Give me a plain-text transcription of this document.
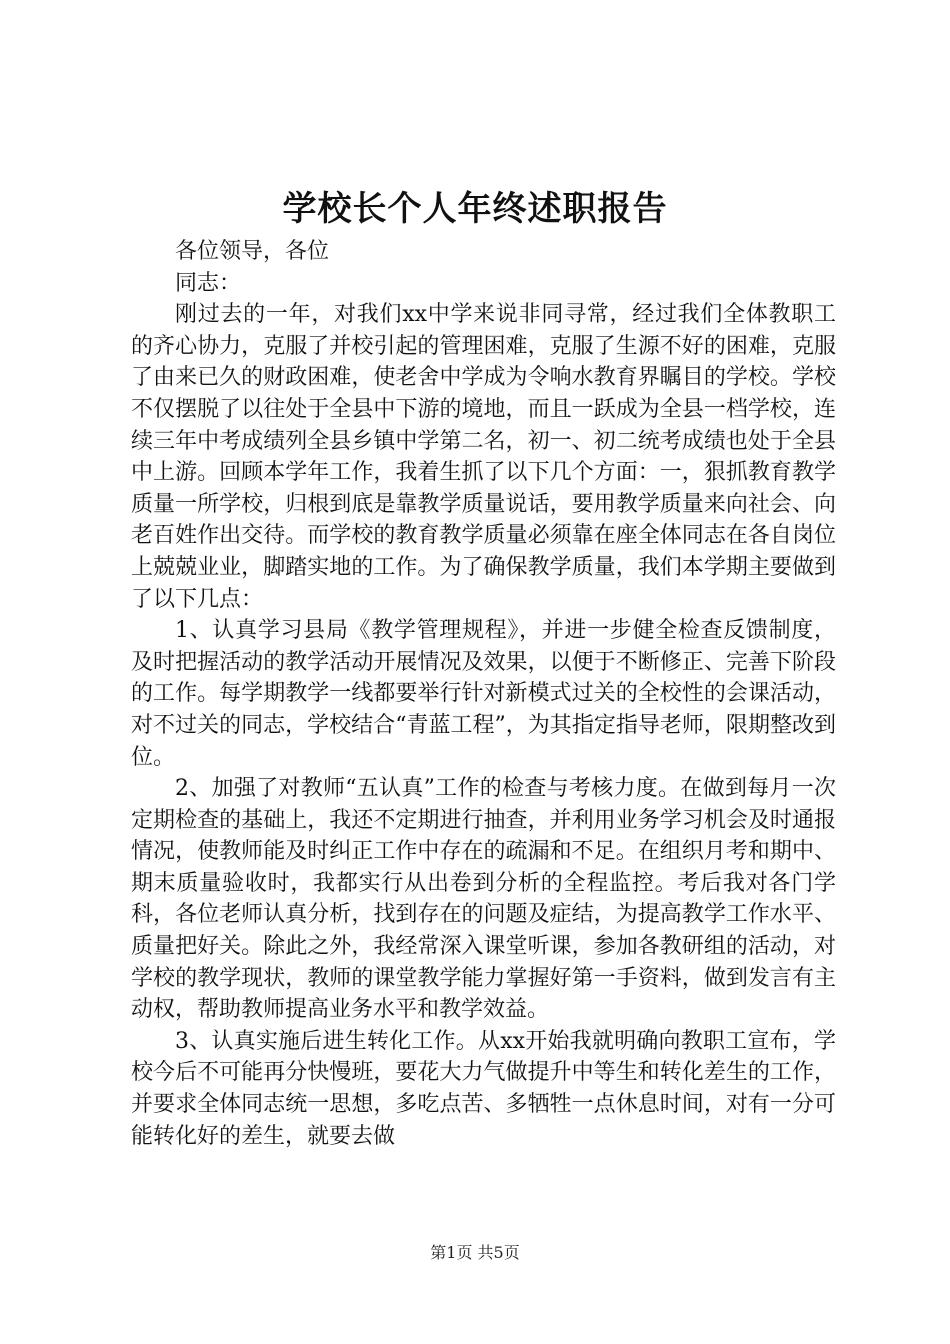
学校长个人年终述职报告

各位领导，各位

同志：

刚过去的一年，对我们xx中学来说非同寻常，经过我们全体教职工的齐心协力，克服了并校引起的管理困难，克服了生源不好的困难，克服了由来已久的财政困难，使老舍中学成为令响水教育界瞩目的学校。学校不仅摆脱了以往处于全县中下游的境地，而且一跃成为全县一档学校，连续三年中考成绩列全县乡镇中学第二名，初一、初二统考成绩也处于全县中上游。回顾本学年工作，我着生抓了以下几个方面：一，狠抓教育教学质量一所学校，归根到底是靠教学质量说话，要用教学质量来向社会、向老百姓作出交待。而学校的教育教学质量必须靠在座全体同志在各自岗位上兢兢业业，脚踏实地的工作。为了确保教学质量，我们本学期主要做到了以下几点：

1、认真学习县局《教学管理规程》，并进一步健全检查反馈制度，及时把握活动的教学活动开展情况及效果，以便于不断修正、完善下阶段的工作。每学期教学一线都要举行针对新模式过关的全校性的会课活动，对不过关的同志，学校结合“青蓝工程”，为其指定指导老师，限期整改到位。

2、加强了对教师“五认真”工作的检查与考核力度。在做到每月一次定期检查的基础上，我还不定期进行抽查，并利用业务学习机会及时通报情况，使教师能及时纠正工作中存在的疏漏和不足。在组织月考和期中、期末质量验收时，我都实行从出卷到分析的全程监控。考后我对各门学科，各位老师认真分析，找到存在的问题及症结，为提高教学工作水平、质量把好关。除此之外，我经常深入课堂听课，参加各教研组的活动，对学校的教学现状，教师的课堂教学能力掌握好第一手资料，做到发言有主动权，帮助教师提高业务水平和教学效益。

3、认真实施后进生转化工作。从xx开始我就明确向教职工宣布，学校今后不可能再分快慢班，要花大力气做提升中等生和转化差生的工作，并要求全体同志统一思想，多吃点苦、多牺牲一点休息时间，对有一分可能转化好的差生，就要去做

第1页 共5页
